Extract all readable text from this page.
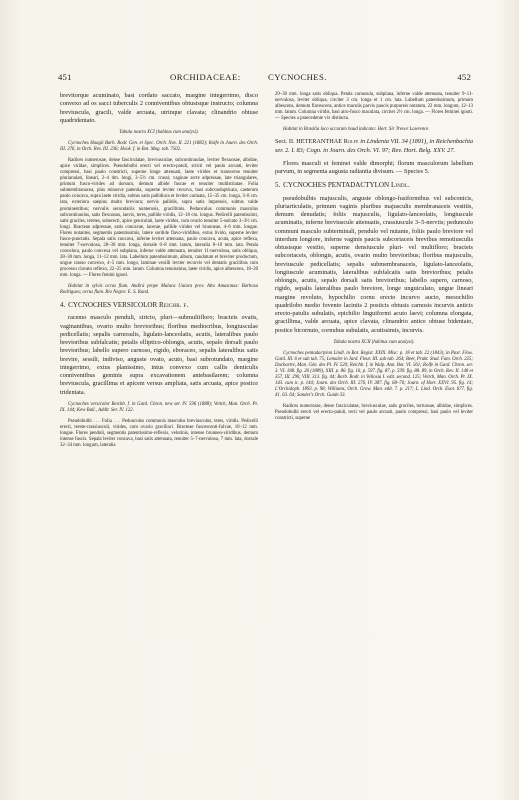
451	ORCHIDACEAE:	CYCNOCHES.	452

brevitorque acuminato, basi cordato saccato, margine integerrimo, disco convexo ad os sacci tuberculis 2 conniventibus obtusisque instructo; columna breviuscula, gracili, valde arcuata, utrinque clavata; clinandrio obtuse quadridentato.

Tabula nostra XCI (habitus cum analysi).

Cycnoches Haagii Barb. Rodr. Gen. et Spec. Orch. Nov. II. 221 (1882); Rolfe in Journ. des Orch. III. 276, in Orch. Rev. III. 236; Hook. f. in Bot. Mag. tab. 7502.

Radices numerosae, dense fasciculatae, breviusculae, subcontinuulae, leviter flexuosae, albidae, apice viridae, simplices. Pseudobulbi erecti vel erecto-patuli, stricti vel paulo arcuati, leviter compressi, basi paulo constricti, superne longe attenuati, laete virides et transverse tenuiter plurianulati, lineari, 2–4 dm. longi, 3–5½ cm. crassi; vaginae arcte adpressae, late triangulares, primum fusco-virides ad dorsum, demum albide fuscae et tenuiter multistriatae. Folia submembranacea, plus minusve patentia, superne leviter recurva, basi subcondupticata, caeterum paulo concava, supra laete viridia, subtus satis pallidiora et leviter carinata, 15–35 cm. longa, 3–8 cm. lata, exteriora saepius multo breviora; nervis pallidis, supra satis impressis, subtus valde prominentibus; nervulis secundariis numerosis, gracillimis. Pedunculus communis masculus subcontinuulus, satis flexuosus, laevis, teres, pallide viridis, 12–18 cm. longus. Pedicelli patentissimi, satis graciles, teretes, suberecti, apice geniculati, laete virides, cum ovario tenuiter 5-sulcato 3–3½ cm. longi. Bracteae adpressae, satis concavae, lacerae, pallide virides vel brunneae, 4–6 mm. longae. Flores nutantes, segmentis patentissimis, latere sordide flavo-viridibus, extus livido, superne leviter fusco-punctatis. Sepala satis concava, inferne leviter attenuata, paulo concava, acuta, apice reflexa, tenuiter 7-nervulosa, 28–30 mm. longa, dorsale 6–8 mm. latum, lateralia 8–10 mm. lata. Petala concolora, paulo convexa vel subplana, inferne valde attenuata, tenuiter 11-nervulosa, satis obliqua, 28–30 mm. longa, 11–12 mm. lata. Labellum patentissimum, album, caudatum et breviter productum, ungue crasso convexo, 4–5 mm. longo, laminae vexilli leviter recurvis vel dentatis gracilibus cum processu clavato reflexo, 22–25 mm. latum. Columna tenuissima, laete viridis, apice albescens, 18–20 mm. longa. — Flores femini ignoti.

Habitat in sylvis ocrus flum. Andirá prope Malaca Uaiara prov. Alto Amazonas: Barbosa Rodrigues; ocrus flum. Rio Negro: E. S. Rand.

4. CYCNOCHES VERSICOLOR Reichb. f.

racemo masculo penduli, stricto, pluri—submultifloro; bracteis ovatis, vaginantibus, ovario multo brevioribus; floribus mediocribus, longiusculae pedicellatis; sepalis carnosulis, ligulato-lanceolatis, acutis, lateralibus paulo brevioribus subfalcatis; petalis elliptico-oblongis, acutis, sepalo dorsali paulo brevioribus; labello supero carnoso, rigido, eboraceo, sepalis lateralibus satis brevire, sessili, indiviso, anguste ovato, acuto, basi subrotundato, margine integerrimo, extus planissimo, intus convexo cum callis denticulis conniventibus geminis supra excavationem antebasilarem; columna breviuscula, gracillima et apicem versus ampliata, satis arcuata, apice postice tridentata.

Cycnoches versicolor Reichb. f. in Gard. Chron. new ser. IV. 596 (1888); Veitch, Man. Orch. Pt. IX. 144; Kew Bull., Addit. Ser. IV. 122.

Pseudobulbi . . . Folia . . . Pedunculus communis masculus breviusculus, teres, viridis. Pedicelli erecti, terete-crassiusculi, virides, cum ovario graciliori. Bracteae fuscescenti-fulvae, 10–12 mm. longae. Flores penduli, segmentis patentissimo-reflexis, velutinis, intense brunneo-viridibus, demum intense fuscis. Sepala leviter concava, basi satis attenuata, tenuiter 5–7-nervulosa, 7 mm. lata, dorsale 32–34 mm. longum, lateralia

29–30 mm. longa satis obliqua. Petala carnosula, subplana, inferne valde attenuata, tenuiter 9–11-nervulosa, leviter obliqua, circiter 3 cm. longa et 1 cm. lata. Labellum patentissimum, primum albescens, demum flavescens, antice maculis parvis paucis purpureis notatum, 22 mm. longum, 12–13 mm. latum. Columna viridis, basi atro-fusco maculata, circiter 2½ cm. longa. — Flores feminei ignoti. — Species a praecedente vix distincta.

Habitat in Brasilia loco accurato haud indicato: Hort. Sir Trevor Lawrence.

Sect. II. HETERANTHAE Rolfe in Lindenia VII. 34 (1891), in Reichenbachia ser. 2. I. 83; Cogn. in Journ. des Orch. VI. 97; Rev. Hort. Belg. XXV. 27.

Flores masculi et feminei valde dimorphi; florum masculorum labellum parvum, in segmenta augusta radiantia divisum. — Species 5.

5. CYCNOCHES PENTADACTYLON Lindl.

pseudobulbis majusculis, anguste oblongo-fusiformibus vel subconicis, pluriarticulatis, primum vaginis pluribus majusculis membranaceis vestitis, demum denudatis; foliis majusculis, ligulato-lanceolatis, longiuscule acuminatis, inferne breviuscule attenuatis, crassiuscule 3–5-nerviis; pedunculo communi masculo subterminali, pendulo vel nutante, foliis paulo breviore vel interdum longiore, inferne vaginis paucis subcoriaceis brevibus remotiusculis obtusisque vestito, superne densiuscule pluri- vel multifloro; bracteis subcoriaceis, oblongis, acutis, ovario multo brevioribus; floribus majusculis, breviuscule pedicellatis; sepalis submembranaceis, ligulato-lanceolatis, longiuscule acuminatis, lateralibus subfalcatis satis brevioribus; petalis oblongis, acutis, sepalo dorsali satis brevioribus; labello supero, carnoso, rigido, sepalis lateralibus paulo breviore, longe unguiculato, ungue lineari margine revoluto, hypochilio cornu erecto incurvo aucto, mesochilio quadrilobo medio fovento laciniis 2 posticis obtusis carnosis incurvis anticis erecto-patulis subulatis, epichilio linguiformi acuto laevi; columna elongata, gracillima, valde arcuata, apice clavata, clinandrio antice obtuse bidentato, postice bicornuto, cornubus subulatis, acutissimis, incurvis.

Tabula nostra XCII (habitus cum analysi).

Cycnoches pentadactylon Lindl. in Bot. Regist. XXIX. Misc. p. 18 et tab. 22 (1843), in Paxt. Flow. Gard. III. 6 et sub tab. 75; Lemaire in Jard. Fleur. III. sub tab. 264; Beer, Prakt. Stud. Fam. Orch. 225; Duchartre, Man. Gén. des Pl. IV. 520; Reichb. f. in Walp. Ann. Bot. VI. 561; Rolfe in Gard. Chron. ser. 3. VI. 188. fig. 26 (1889), XIII. p. 80. fig. 16, p. 597. fig. 87, p. 599. fig. 88. 89, in Orch. Rev. II. 148 et 357, III. 290, VIII. 313. fig. 44; Barb. Rodr. in Vellosia I. edit. secund. 125; Veitch, Man. Orch. Pt. IX. 143. cum ic. p. 144; Journ. des Orch. III. 276, IV. 387. fig. 68–70; Journ. of Hort. XXVI. 95. fig. 14; L'Orchidoph. 1893. p. 98; Williams, Orch. Grow. Man. edit. 7. p. 217; L. Lind. Orch. Exot. 677. fig. 41. 63. 64; Sander's Orch. Guide 33.

Radices numerosae, dense fasciculatae, breviusculae, satis graciles, tortuosae, albidae, simplices. Pseudobulbi erecti vel erecto-patuli, recti vel paulo arcuati, paulo compressi, basi paulo vel leviter constricti, superne
